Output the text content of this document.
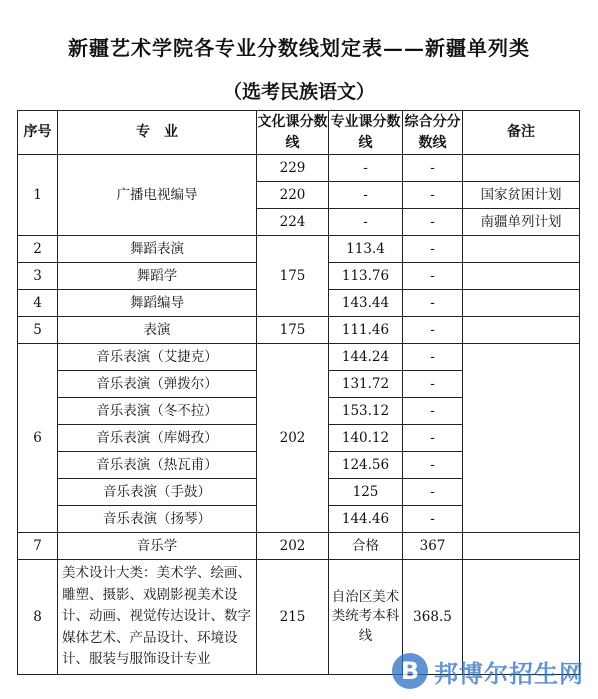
新疆艺术学院各专业分数线划定表——新疆单列类
（选考民族语文）
序号	专　业	文化课分数线	专业课分数线	综合分分数线	备注
1	广播电视编导	229	-	-	
		220	-	-	国家贫困计划
		224	-	-	南疆单列计划
2	舞蹈表演	175	113.4	-	
3	舞蹈学		113.76	-	
4	舞蹈编导		143.44	-	
5	表演	175	111.46	-	
6	音乐表演（艾捷克）	202	144.24	-	
	音乐表演（弹拨尔）		131.72	-	
	音乐表演（冬不拉）		153.12	-	
	音乐表演（库姆孜）		140.12	-	
	音乐表演（热瓦甫）		124.56	-	
	音乐表演（手鼓）		125	-	
	音乐表演（扬琴）		144.46	-	
7	音乐学	202	合格	367	
8	美术设计大类：美术学、绘画、雕塑、摄影、戏剧影视美术设计、动画、视觉传达设计、数字媒体艺术、产品设计、环境设计、服装与服饰设计专业	215	自治区美术类统考本科线	368.5	
B 邦博尔招生网
